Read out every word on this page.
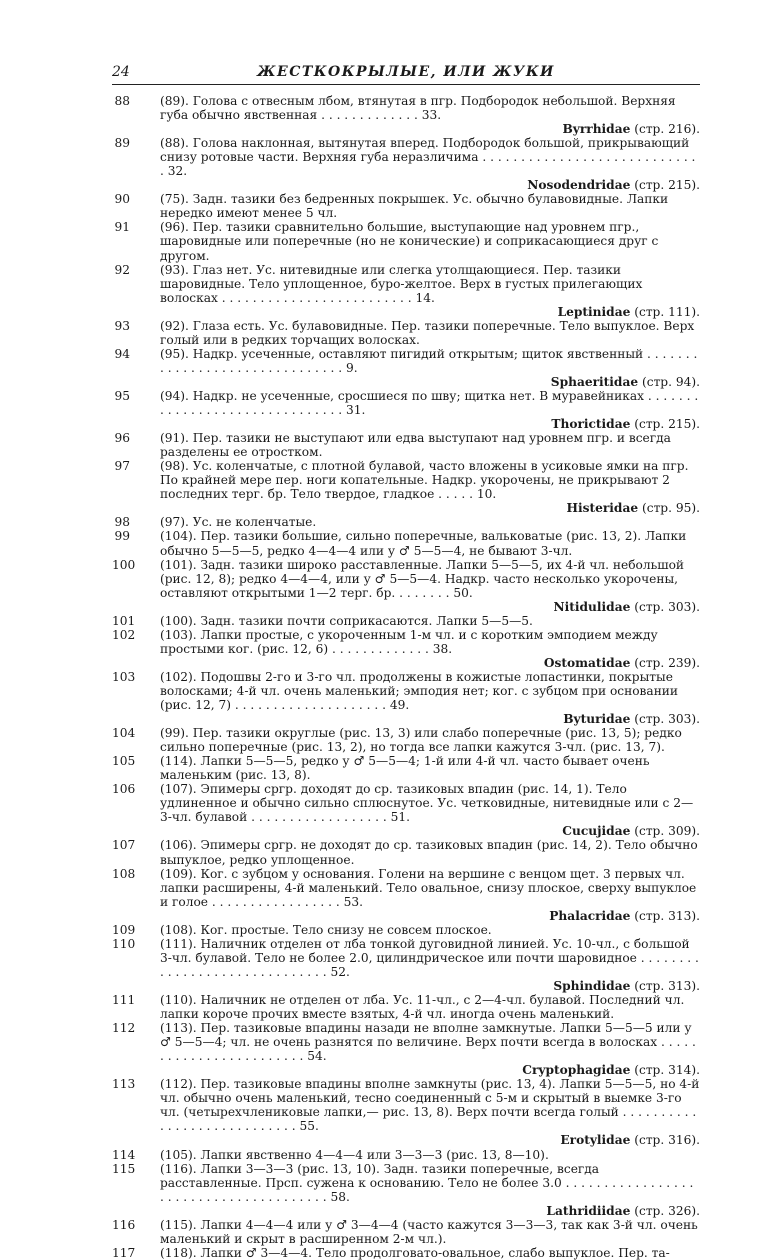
24	ЖЕСТКОКРЫЛЫЕ, ИЛИ ЖУКИ
88 (89). Голова с отвесным лбом, втянутая в пгр. Подбородок небольшой. Верхняя губа обычно явственная . . . . . . . . . . . . . 33.
Byrrhidae (стр. 216).
89 (88). Голова наклонная, вытянутая вперед. Подбородок большой, прикрывающий снизу ротовые части. Верхняя губа неразличима . . . . . . . . . . . . . . . . . . . . . . . . . . . . . 32.
Nosodendridae (стр. 215).
90 (75). Задн. тазики без бедренных покрышек. Ус. обычно булавовидные. Лапки нередко имеют менее 5 чл.
91 (96). Пер. тазики сравнительно большие, выступающие над уровнем пгр., шаровидные или поперечные (но не конические) и соприкасающиеся друг с другом.
92 (93). Глаз нет. Ус. нитевидные или слегка утолщающиеся. Пер. тазики шаровидные. Тело уплощенное, буро-желтое. Верх в густых прилегающих волосках . . . . . . . . . . . . . . . . . . . . . . . . . 14.
Leptinidae (стр. 111).
93 (92). Глаза есть. Ус. булавовидные. Пер. тазики поперечные. Тело выпуклое. Верх голый или в редких торчащих волосках.
94 (95). Надкр. усеченные, оставляют пигидий открытым; щиток явственный . . . . . . . . . . . . . . . . . . . . . . . . . . . . . . . 9.
Sphaeritidae (стр. 94).
95 (94). Надкр. не усеченные, сросшиеся по шву; щитка нет. В муравейниках . . . . . . . . . . . . . . . . . . . . . . . . . . . . . . . 31.
Thorictidae (стр. 215).
96 (91). Пер. тазики не выступают или едва выступают над уровнем пгр. и всегда разделены ее отростком.
97 (98). Ус. коленчатые, с плотной булавой, часто вложены в усиковые ямки на пгр. По крайней мере пер. ноги копательные. Надкр. укорочены, не прикрывают 2 последних терг. бр. Тело твердое, гладкое . . . . . 10.
Histeridae (стр. 95).
98 (97). Ус. не коленчатые.
99 (104). Пер. тазики большие, сильно поперечные, вальковатые (рис. 13, 2). Лапки обычно 5—5—5, редко 4—4—4 или у ♂ 5—5—4, не бывают 3-чл.
100 (101). Задн. тазики широко расставленные. Лапки 5—5—5, их 4-й чл. небольшой (рис. 12, 8); редко 4—4—4, или у ♂ 5—5—4. Надкр. часто несколько укорочены, оставляют открытыми 1—2 терг. бр. . . . . . . . 50.
Nitidulidae (стр. 303).
101 (100). Задн. тазики почти соприкасаются. Лапки 5—5—5.
102 (103). Лапки простые, с укороченным 1-м чл. и с коротким эмподием между простыми ког. (рис. 12, 6) . . . . . . . . . . . . . 38.
Ostomatidae (стр. 239).
103 (102). Подошвы 2-го и 3-го чл. продолжены в кожистые лопастинки, покрытые волосками; 4-й чл. очень маленький; эмподия нет; ког. с зубцом при основании (рис. 12, 7) . . . . . . . . . . . . . . . . . . . . 49.
Byturidae (стр. 303).
104 (99). Пер. тазики округлые (рис. 13, 3) или слабо поперечные (рис. 13, 5); редко сильно поперечные (рис. 13, 2), но тогда все лапки кажутся 3-чл. (рис. 13, 7).
105 (114). Лапки 5—5—5, редко у ♂ 5—5—4; 1-й или 4-й чл. часто бывает очень маленьким (рис. 13, 8).
106 (107). Эпимеры сргр. доходят до ср. тазиковых впадин (рис. 14, 1). Тело удлиненное и обычно сильно сплюснутое. Ус. четковидные, нитевидные или с 2—3-чл. булавой . . . . . . . . . . . . . . . . . . 51.
Cucujidae (стр. 309).
107 (106). Эпимеры сргр. не доходят до ср. тазиковых впадин (рис. 14, 2). Тело обычно выпуклое, редко уплощенное.
108 (109). Ког. с зубцом у основания. Голени на вершине с венцом щет. 3 первых чл. лапки расширены, 4-й маленький. Тело овальное, снизу плоское, сверху выпуклое и голое . . . . . . . . . . . . . . . . . 53.
Phalacridae (стр. 313).
109 (108). Ког. простые. Тело снизу не совсем плоское.
110 (111). Наличник отделен от лба тонкой дуговидной линией. Ус. 10-чл., с большой 3-чл. булавой. Тело не более 2.0, цилиндрическое или почти шаровидное . . . . . . . . . . . . . . . . . . . . . . . . . . . . . . 52.
Sphindidae (стр. 313).
111 (110). Наличник не отделен от лба. Ус. 11-чл., с 2—4-чл. булавой. Последний чл. лапки короче прочих вместе взятых, 4-й чл. иногда очень маленький.
112 (113). Пер. тазиковые впадины назади не вполне замкнутые. Лапки 5—5—5 или у ♂ 5—5—4; чл. не очень разнятся по величине. Верх почти всегда в волосках . . . . . . . . . . . . . . . . . . . . . . . . 54.
Cryptophagidae (стр. 314).
113 (112). Пер. тазиковые впадины вполне замкнуты (рис. 13, 4). Лапки 5—5—5, но 4-й чл. обычно очень маленький, тесно соединенный с 5-м и скрытый в выемке 3-го чл. (четырехчлениковые лапки,— рис. 13, 8). Верх почти всегда голый . . . . . . . . . . . . . . . . . . . . . . . . . . . . 55.
Erotylidae (стр. 316).
114 (105). Лапки явственно 4—4—4 или 3—3—3 (рис. 13, 8—10).
115 (116). Лапки 3—3—3 (рис. 13, 10). Задн. тазики поперечные, всегда расставленные. Прсп. сужена к основанию. Тело не более 3.0 . . . . . . . . . . . . . . . . . . . . . . . . . . . . . . . . . . . . . . . 58.
Lathridiidae (стр. 326).
116 (115). Лапки 4—4—4 или у ♂ 3—4—4 (часто кажутся 3—3—3, так как 3-й чл. очень маленький и скрыт в расширенном 2-м чл.).
117 (118). Лапки ♂ 3—4—4. Тело продолговато-овальное, слабо выпуклое. Пер. та-
